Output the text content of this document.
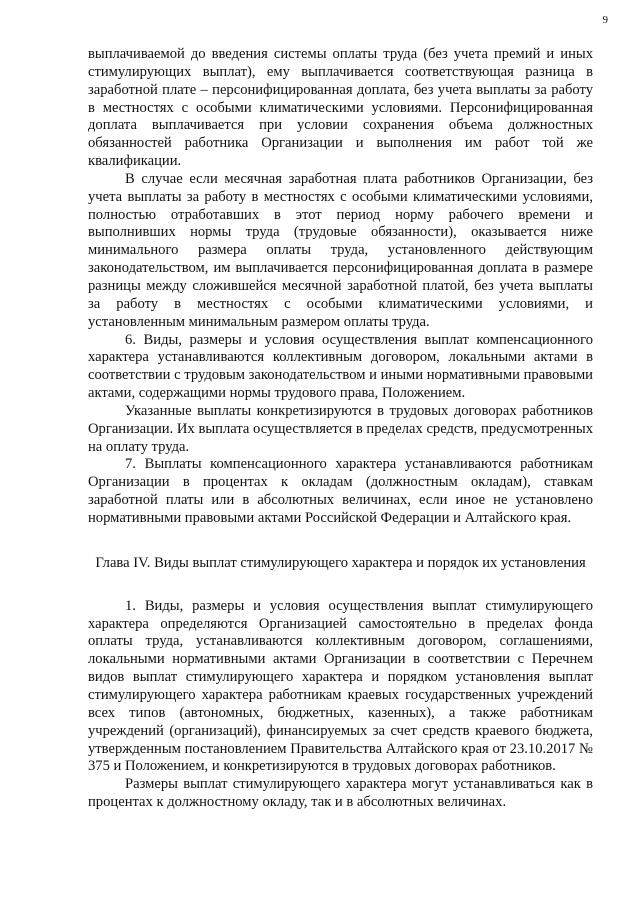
9

выплачиваемой до введения системы оплаты труда (без учета премий и иных стимулирующих выплат), ему выплачивается соответствующая разница в заработной плате – персонифицированная доплата, без учета выплаты за работу в местностях с особыми климатическими условиями. Персонифицированная доплата выплачивается при условии сохранения объема должностных обязанностей работника Организации и выполнения им работ той же квалификации.

В случае если месячная заработная плата работников Организации, без учета выплаты за работу в местностях с особыми климатическими условиями, полностью отработавших в этот период норму рабочего времени и выполнивших нормы труда (трудовые обязанности), оказывается ниже минимального размера оплаты труда, установленного действующим законодательством, им выплачивается персонифицированная доплата в размере разницы между сложившейся месячной заработной платой, без учета выплаты за работу в местностях с особыми климатическими условиями, и установленным минимальным размером оплаты труда.

6. Виды, размеры и условия осуществления выплат компенсационного характера устанавливаются коллективным договором, локальными актами в соответствии с трудовым законодательством и иными нормативными правовыми актами, содержащими нормы трудового права, Положением.

Указанные выплаты конкретизируются в трудовых договорах работников Организации. Их выплата осуществляется в пределах средств, предусмотренных на оплату труда.

7. Выплаты компенсационного характера устанавливаются работникам Организации в процентах к окладам (должностным окладам), ставкам заработной платы или в абсолютных величинах, если иное не установлено нормативными правовыми актами Российской Федерации и Алтайского края.

Глава IV. Виды выплат стимулирующего характера и порядок их установления

1. Виды, размеры и условия осуществления выплат стимулирующего характера определяются Организацией самостоятельно в пределах фонда оплаты труда, устанавливаются коллективным договором, соглашениями, локальными нормативными актами Организации в соответствии с Перечнем видов выплат стимулирующего характера и порядком установления выплат стимулирующего характера работникам краевых государственных учреждений всех типов (автономных, бюджетных, казенных), а также работникам учреждений (организаций), финансируемых за счет средств краевого бюджета, утвержденным постановлением Правительства Алтайского края от 23.10.2017 № 375 и Положением, и конкретизируются в трудовых договорах работников.

Размеры выплат стимулирующего характера могут устанавливаться как в процентах к должностному окладу, так и в абсолютных величинах.
